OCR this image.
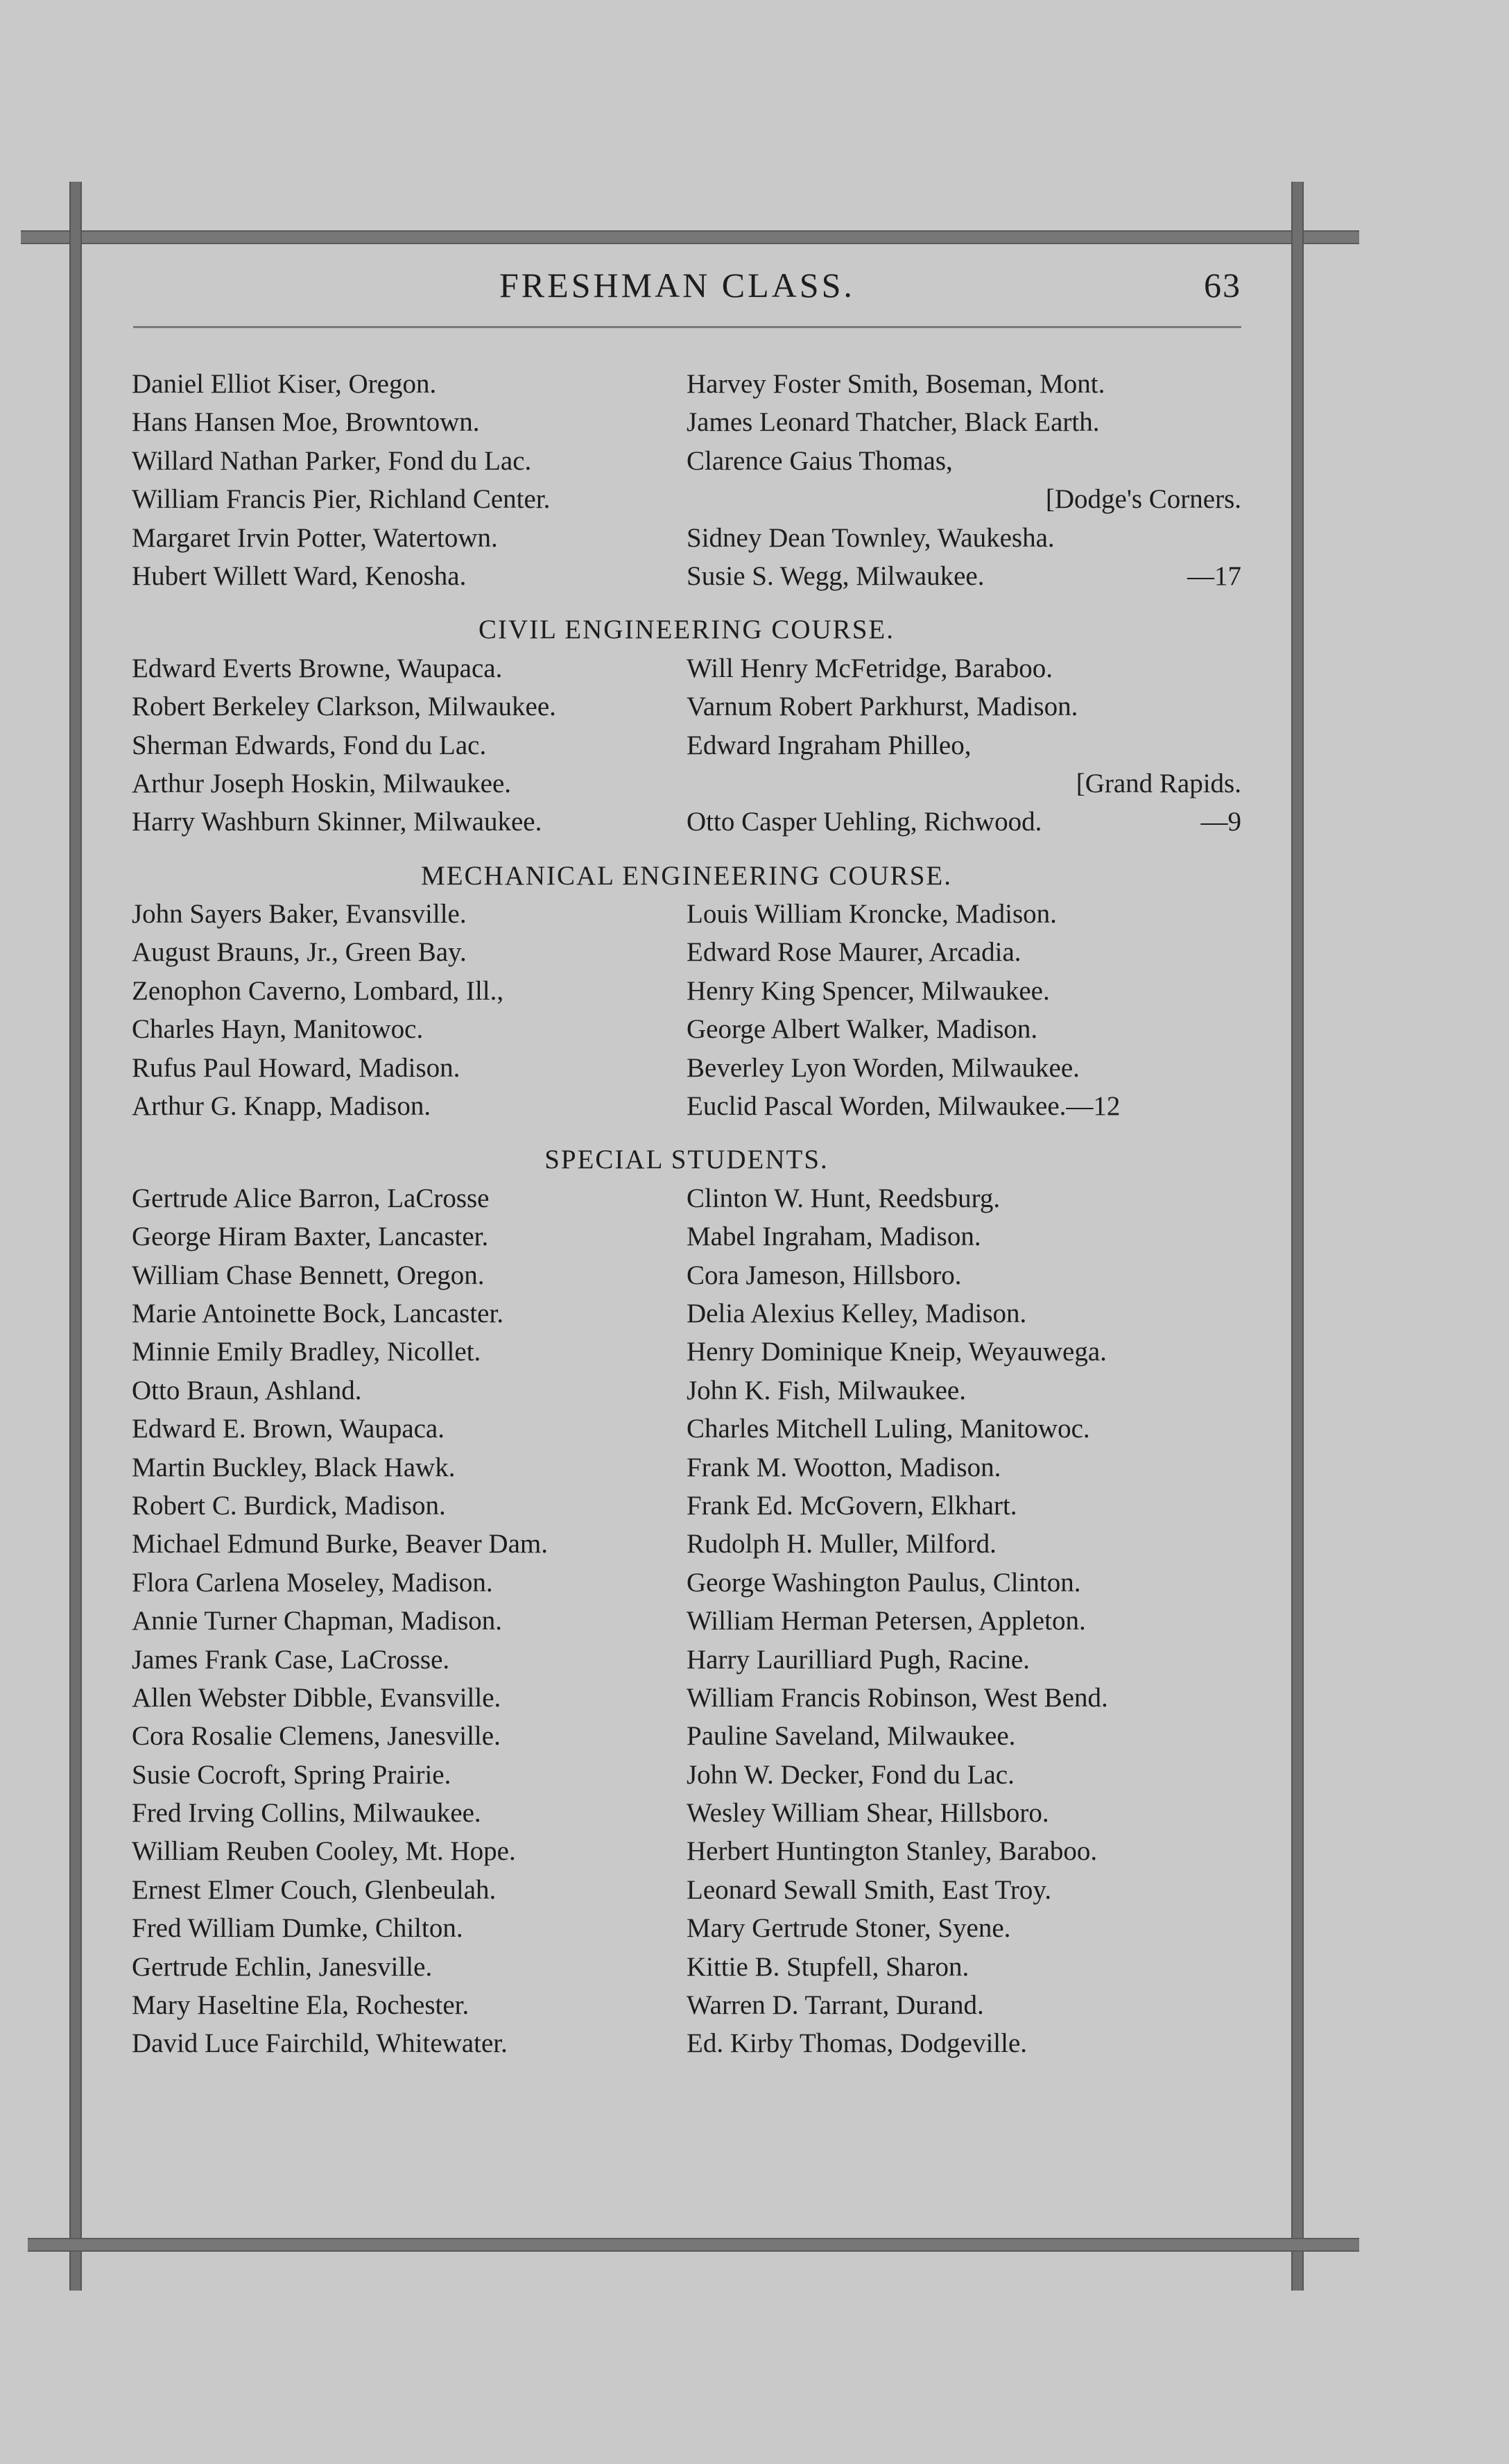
FRESHMAN CLASS.	63
Daniel Elliot Kiser, Oregon.	Harvey Foster Smith, Boseman, Mont.
Hans Hansen Moe, Browntown.	James Leonard Thatcher, Black Earth.
Willard Nathan Parker, Fond du Lac.	Clarence Gaius Thomas,
William Francis Pier, Richland Center.	[Dodge's Corners.
Margaret Irvin Potter, Watertown.	Sidney Dean Townley, Waukesha.
Hubert Willett Ward, Kenosha.	Susie S. Wegg, Milwaukee.	—17
CIVIL ENGINEERING COURSE.
Edward Everts Browne, Waupaca.	Will Henry McFetridge, Baraboo.
Robert Berkeley Clarkson, Milwaukee.	Varnum Robert Parkhurst, Madison.
Sherman Edwards, Fond du Lac.	Edward Ingraham Philleo,
Arthur Joseph Hoskin, Milwaukee.	[Grand Rapids.
Harry Washburn Skinner, Milwaukee.	Otto Casper Uehling, Richwood.	—9
MECHANICAL ENGINEERING COURSE.
John Sayers Baker, Evansville.	Louis William Kroncke, Madison.
August Brauns, Jr., Green Bay.	Edward Rose Maurer, Arcadia.
Zenophon Caverno, Lombard, Ill.,	Henry King Spencer, Milwaukee.
Charles Hayn, Manitowoc.	George Albert Walker, Madison.
Rufus Paul Howard, Madison.	Beverley Lyon Worden, Milwaukee.
Arthur G. Knapp, Madison.	Euclid Pascal Worden, Milwaukee.—12
SPECIAL STUDENTS.
Gertrude Alice Barron, LaCrosse	Clinton W. Hunt, Reedsburg.
George Hiram Baxter, Lancaster.	Mabel Ingraham, Madison.
William Chase Bennett, Oregon.	Cora Jameson, Hillsboro.
Marie Antoinette Bock, Lancaster.	Delia Alexius Kelley, Madison.
Minnie Emily Bradley, Nicollet.	Henry Dominique Kneip, Weyauwega.
Otto Braun, Ashland.	John K. Fish, Milwaukee.
Edward E. Brown, Waupaca.	Charles Mitchell Luling, Manitowoc.
Martin Buckley, Black Hawk.	Frank M. Wootton, Madison.
Robert C. Burdick, Madison.	Frank Ed. McGovern, Elkhart.
Michael Edmund Burke, Beaver Dam.	Rudolph H. Muller, Milford.
Flora Carlena Moseley, Madison.	George Washington Paulus, Clinton.
Annie Turner Chapman, Madison.	William Herman Petersen, Appleton.
James Frank Case, LaCrosse.	Harry Laurilliard Pugh, Racine.
Allen Webster Dibble, Evansville.	William Francis Robinson, West Bend.
Cora Rosalie Clemens, Janesville.	Pauline Saveland, Milwaukee.
Susie Cocroft, Spring Prairie.	John W. Decker, Fond du Lac.
Fred Irving Collins, Milwaukee.	Wesley William Shear, Hillsboro.
William Reuben Cooley, Mt. Hope.	Herbert Huntington Stanley, Baraboo.
Ernest Elmer Couch, Glenbeulah.	Leonard Sewall Smith, East Troy.
Fred William Dumke, Chilton.	Mary Gertrude Stoner, Syene.
Gertrude Echlin, Janesville.	Kittie B. Stupfell, Sharon.
Mary Haseltine Ela, Rochester.	Warren D. Tarrant, Durand.
David Luce Fairchild, Whitewater.	Ed. Kirby Thomas, Dodgeville.
